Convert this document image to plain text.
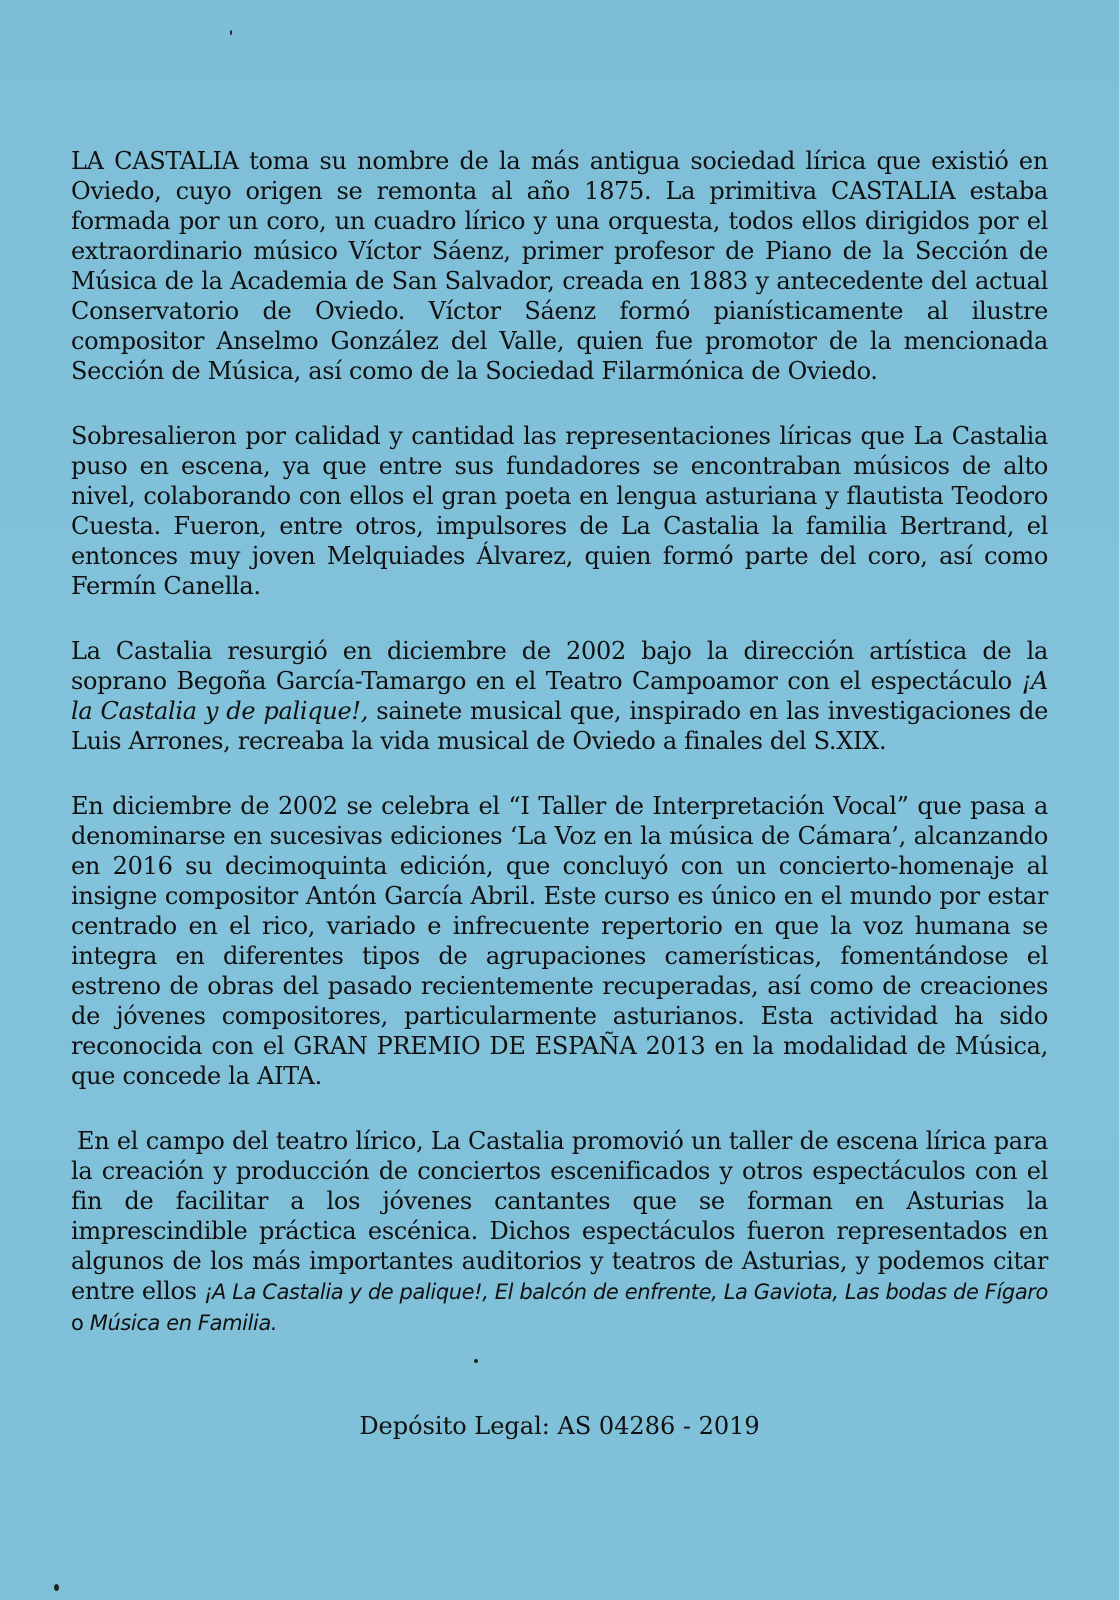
LA CASTALIA toma su nombre de la más antigua sociedad lírica que existió en Oviedo, cuyo origen se remonta al año 1875. La primitiva CASTALIA estaba formada por un coro, un cuadro lírico y una orquesta, todos ellos dirigidos por el extraordinario músico Víctor Sáenz, primer profesor de Piano de la Sección de Música de la Academia de San Salvador, creada en 1883 y antecedente del actual Conservatorio de Oviedo. Víctor Sáenz formó pianísticamente al ilustre compositor Anselmo González del Valle, quien fue promotor de la mencionada Sección de Música, así como de la Sociedad Filarmónica de Oviedo.

Sobresalieron por calidad y cantidad las representaciones líricas que La Castalia puso en escena, ya que entre sus fundadores se encontraban músicos de alto nivel, colaborando con ellos el gran poeta en lengua asturiana y flautista Teodoro Cuesta. Fueron, entre otros, impulsores de La Castalia la familia Bertrand, el entonces muy joven Melquiades Álvarez, quien formó parte del coro, así como Fermín Canella.

La Castalia resurgió en diciembre de 2002 bajo la dirección artística de la soprano Begoña García-Tamargo en el Teatro Campoamor con el espectáculo ¡A la Castalia y de palique!, sainete musical que, inspirado en las investigaciones de Luis Arrones, recreaba la vida musical de Oviedo a finales del S.XIX.

En diciembre de 2002 se celebra el “I Taller de Interpretación Vocal” que pasa a denominarse en sucesivas ediciones ‘La Voz en la música de Cámara’, alcanzando en 2016 su decimoquinta edición, que concluyó con un concierto-homenaje al insigne compositor Antón García Abril. Este curso es único en el mundo por estar centrado en el rico, variado e infrecuente repertorio en que la voz humana se integra en diferentes tipos de agrupaciones camerísticas, fomentándose el estreno de obras del pasado recientemente recuperadas, así como de creaciones de jóvenes compositores, particularmente asturianos. Esta actividad ha sido reconocida con el GRAN PREMIO DE ESPAÑA 2013 en la modalidad de Música, que concede la AITA.

En el campo del teatro lírico, La Castalia promovió un taller de escena lírica para la creación y producción de conciertos escenificados y otros espectáculos con el fin de facilitar a los jóvenes cantantes que se forman en Asturias la imprescindible práctica escénica. Dichos espectáculos fueron representados en algunos de los más importantes auditorios y teatros de Asturias, y podemos citar entre ellos ¡A La Castalia y de palique!, El balcón de enfrente, La Gaviota, Las bodas de Fígaro o Música en Familia.

Depósito Legal: AS 04286 - 2019
